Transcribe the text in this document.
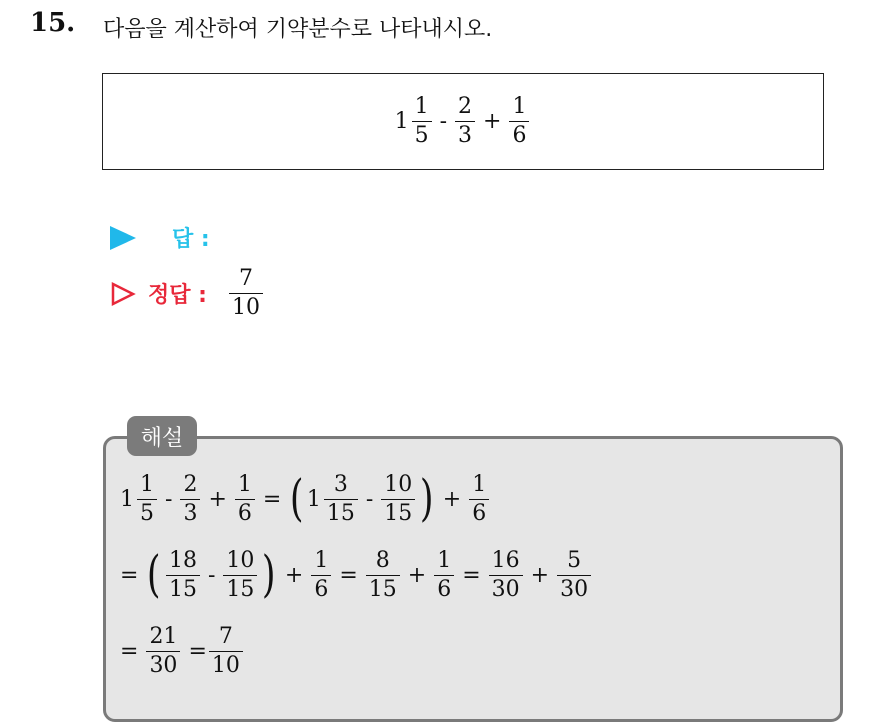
15. 다음을 계산하여 기약분수로 나타내시오.
$1 \frac{1}{5} - \frac{2}{3} + \frac{1}{6}$
답 :
정답 : $\frac{7}{10}$
해설
$1 \frac{1}{5} - \frac{2}{3} + \frac{1}{6}$ = ( $1 \frac{3}{15} - \frac{10}{15}$ ) + $\frac{1}{6}$
= ( $\frac{18}{15} - \frac{10}{15}$ ) + $\frac{1}{6} = \frac{8}{15} + \frac{1}{6} = \frac{16}{30} + \frac{5}{30}$
= $\frac{21}{30} = \frac{7}{10}$
